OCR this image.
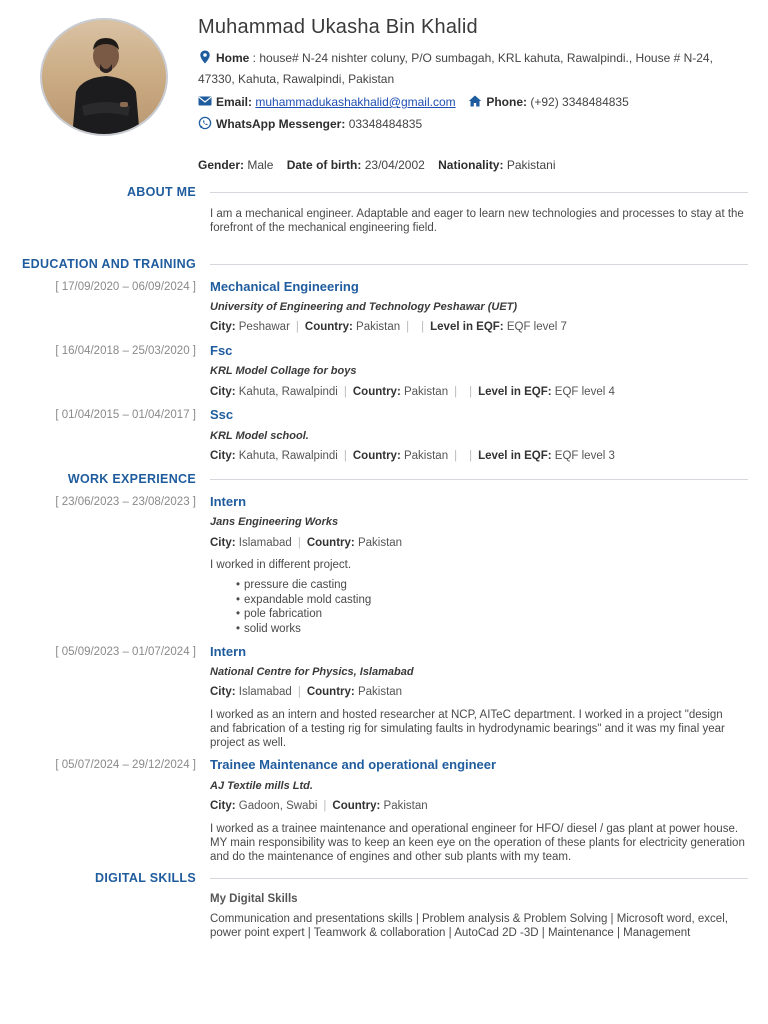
Muhammad Ukasha Bin Khalid
Home : house# N-24 nishter coluny, P/O sumbagah, KRL kahuta, Rawalpindi., House # N-24,
47330, Kahuta, Rawalpindi, Pakistan
Email: muhammadukashakhalid@gmail.com	Phone: (+92) 3348484835
WhatsApp Messenger: 03348484835
Gender: Male Date of birth: 23/04/2002 Nationality: Pakistani
ABOUT ME
I am a mechanical engineer. Adaptable and eager to learn new technologies and processes to stay at the forefront of the mechanical engineering field.
EDUCATION AND TRAINING
[ 17/09/2020 – 06/09/2024 ] Mechanical Engineering
University of Engineering and Technology Peshawar (UET)
City: Peshawar | Country: Pakistan | | Level in EQF: EQF level 7
[ 16/04/2018 – 25/03/2020 ] Fsc
KRL Model Collage for boys
City: Kahuta, Rawalpindi | Country: Pakistan | | Level in EQF: EQF level 4
[ 01/04/2015 – 01/04/2017 ] Ssc
KRL Model school.
City: Kahuta, Rawalpindi | Country: Pakistan | | Level in EQF: EQF level 3
WORK EXPERIENCE
[ 23/06/2023 – 23/08/2023 ] Intern
Jans Engineering Works
City: Islamabad | Country: Pakistan
I worked in different project.
• pressure die casting
• expandable mold casting
• pole fabrication
• solid works
[ 05/09/2023 – 01/07/2024 ] Intern
National Centre for Physics, Islamabad
City: Islamabad | Country: Pakistan
I worked as an intern and hosted researcher at NCP, AITeC department. I worked in a project "design and fabrication of a testing rig for simulating faults in hydrodynamic bearings" and it was my final year project as well.
[ 05/07/2024 – 29/12/2024 ] Trainee Maintenance and operational engineer
AJ Textile mills Ltd.
City: Gadoon, Swabi | Country: Pakistan
I worked as a trainee maintenance and operational engineer for HFO/ diesel / gas plant at power house. MY main responsibility was to keep an keen eye on the operation of these plants for electricity generation and do the maintenance of engines and other sub plants with my team.
DIGITAL SKILLS
My Digital Skills
Communication and presentations skills | Problem analysis & Problem Solving | Microsoft word, excel, power point expert | Teamwork & collaboration | AutoCad 2D -3D | Maintenance | Management
